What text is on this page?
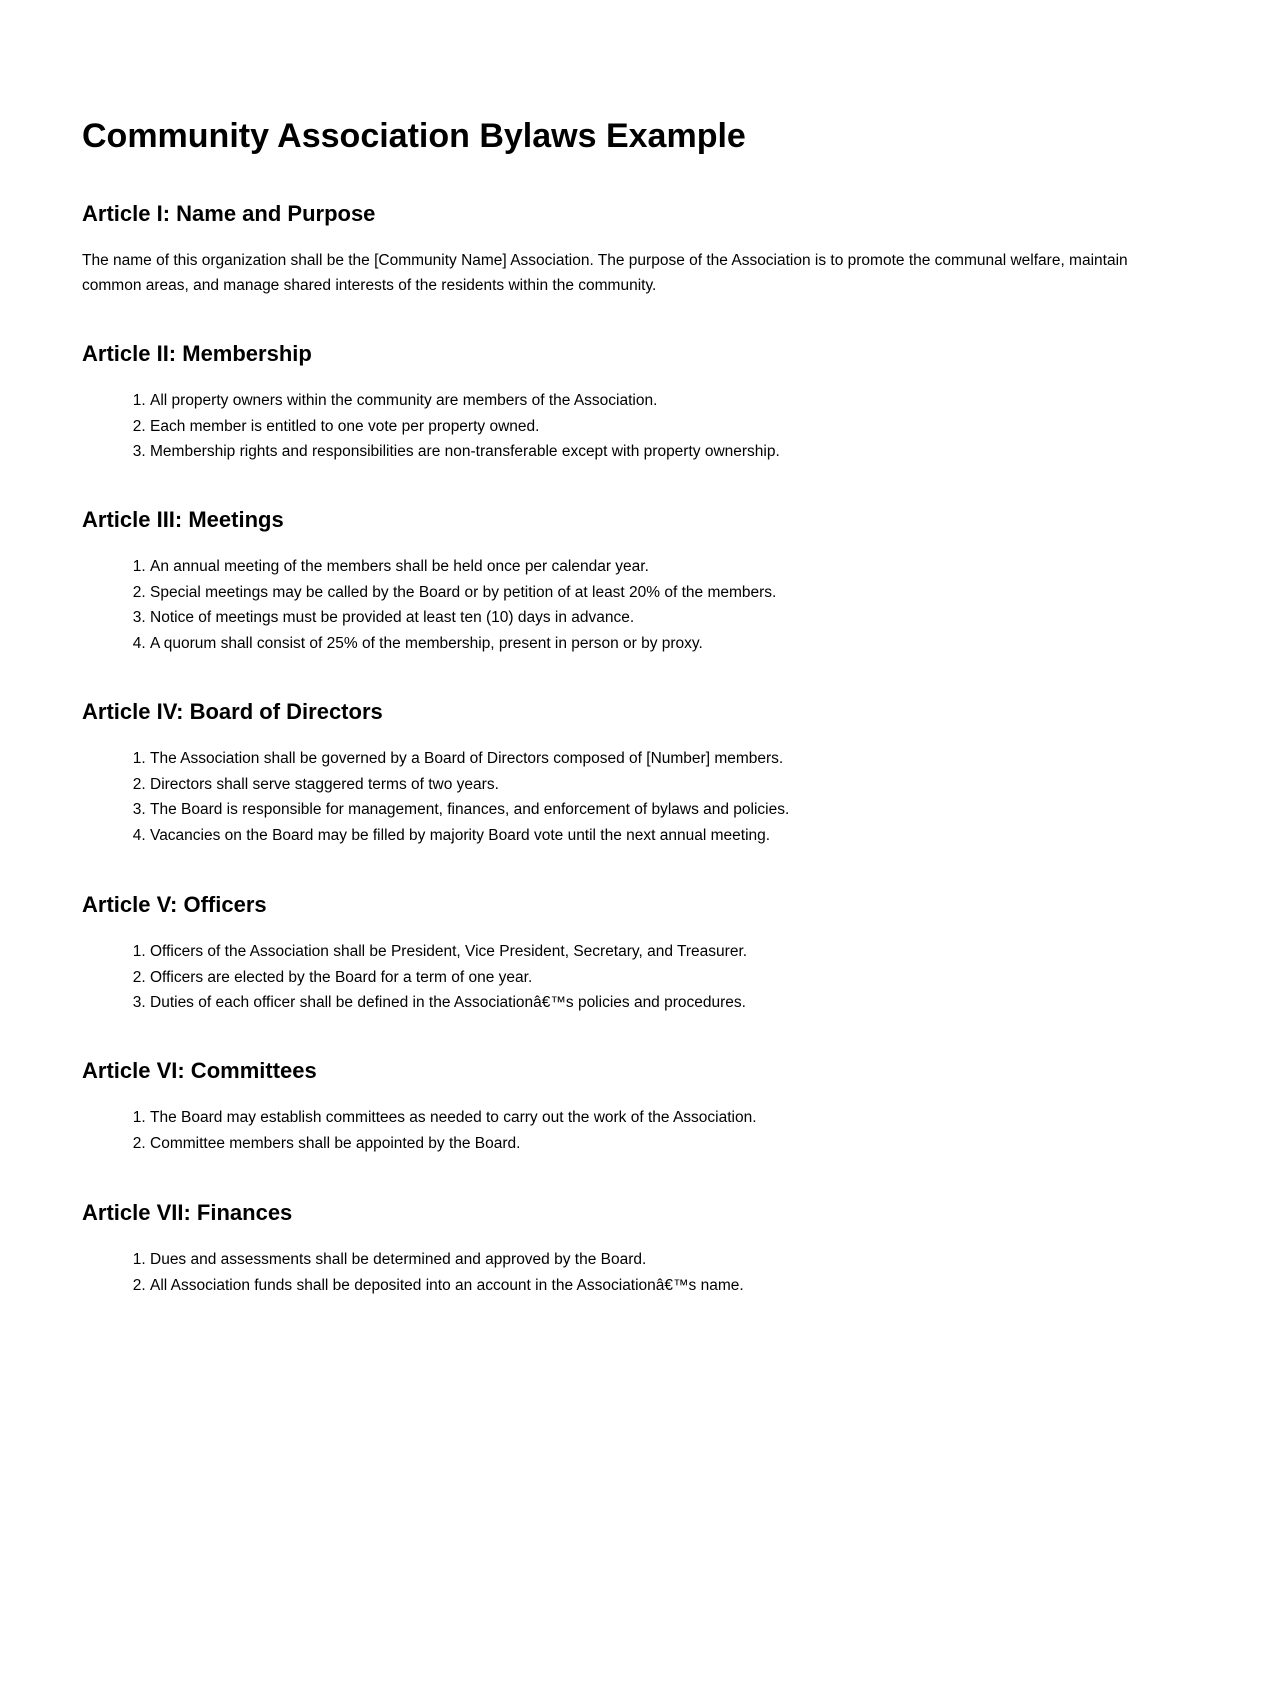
Community Association Bylaws Example
Article I: Name and Purpose

The name of this organization shall be the [Community Name] Association. The purpose of the Association is to promote the communal welfare, maintain common areas, and manage shared interests of the residents within the community.

Article II: Membership
1. All property owners within the community are members of the Association.
2. Each member is entitled to one vote per property owned.
3. Membership rights and responsibilities are non-transferable except with property ownership.
Article III: Meetings
1. An annual meeting of the members shall be held once per calendar year.
2. Special meetings may be called by the Board or by petition of at least 20% of the members.
3. Notice of meetings must be provided at least ten (10) days in advance.
4. A quorum shall consist of 25% of the membership, present in person or by proxy.
Article IV: Board of Directors
1. The Association shall be governed by a Board of Directors composed of [Number] members.
2. Directors shall serve staggered terms of two years.
3. The Board is responsible for management, finances, and enforcement of bylaws and policies.
4. Vacancies on the Board may be filled by majority Board vote until the next annual meeting.
Article V: Officers
1. Officers of the Association shall be President, Vice President, Secretary, and Treasurer.
2. Officers are elected by the Board for a term of one year.
3. Duties of each officer shall be defined in the Associationâ€™s policies and procedures.
Article VI: Committees
1. The Board may establish committees as needed to carry out the work of the Association.
2. Committee members shall be appointed by the Board.
Article VII: Finances
1. Dues and assessments shall be determined and approved by the Board.
2. All Association funds shall be deposited into an account in the Associationâ€™s name.
